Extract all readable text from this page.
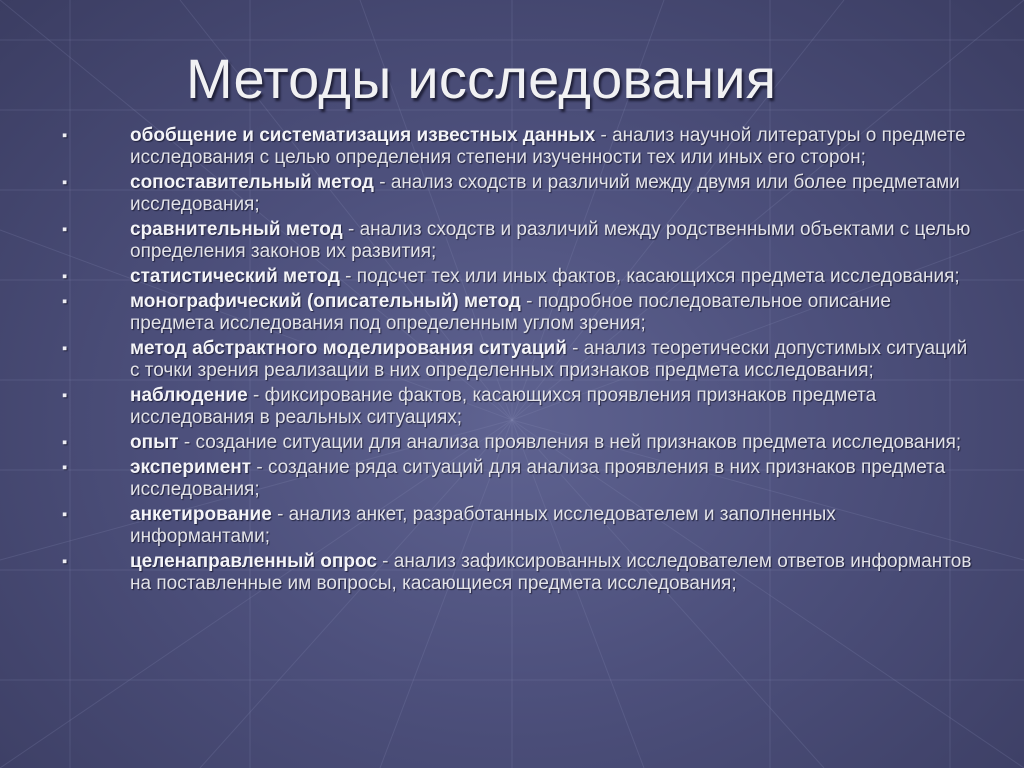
Методы исследования
▪	обобщение и систематизация известных данных - анализ научной литературы о предмете исследования с целью определения степени изученности тех или иных его сторон;
▪	сопоставительный метод - анализ сходств и различий между двумя или более предметами исследования;
▪	сравнительный метод - анализ сходств и различий между родственными объектами с целью определения законов их развития;
▪	статистический метод - подсчет тех или иных фактов, касающихся предмета исследования;
▪	монографический (описательный) метод - подробное последовательное описание предмета исследования под определенным углом зрения;
▪	метод абстрактного моделирования ситуаций - анализ теоретически допустимых ситуаций с точки зрения реализации в них определенных признаков предмета исследования;
▪	наблюдение - фиксирование фактов, касающихся проявления признаков предмета исследования в реальных ситуациях;
▪	опыт - создание ситуации для анализа проявления в ней признаков предмета исследования;
▪	эксперимент - создание ряда ситуаций для анализа проявления в них признаков предмета исследования;
▪	анкетирование - анализ анкет, разработанных исследователем и заполненных информантами;
▪	целенаправленный опрос - анализ зафиксированных исследователем ответов информантов на поставленные им вопросы, касающиеся предмета исследования;
